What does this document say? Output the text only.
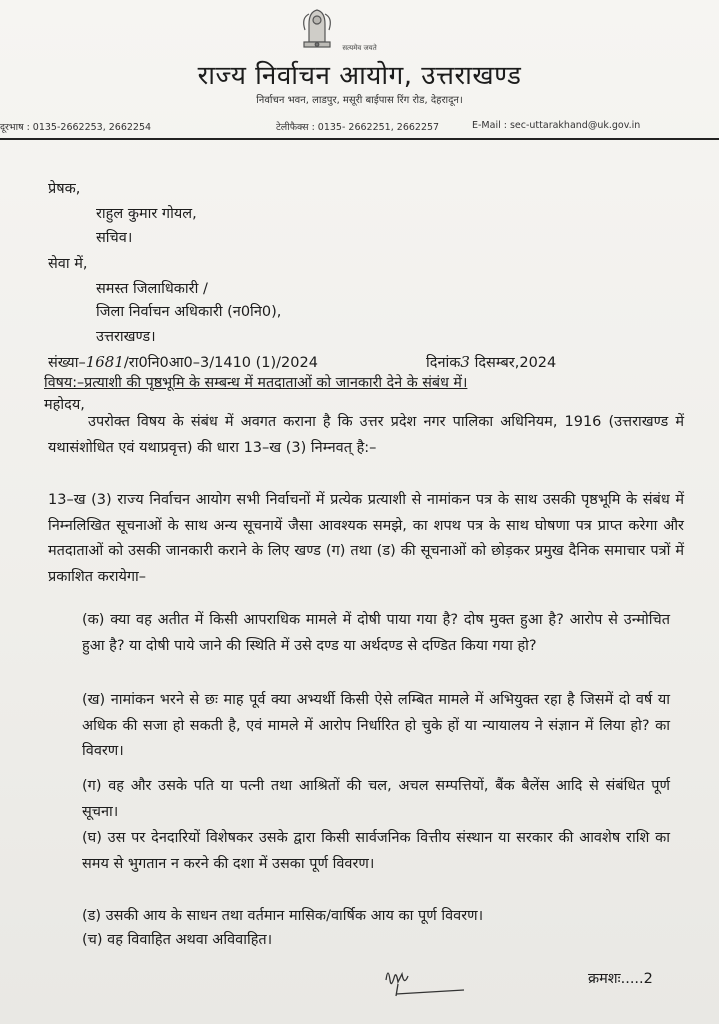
सत्यमेव जयते
राज्य निर्वाचन आयोग, उत्तराखण्ड
निर्वाचन भवन, लाडपुर, मसूरी बाईपास रिंग रोड, देहरादून।
दूरभाष : 0135-2662253, 2662254	टेलीफैक्स : 0135- 2662251, 2662257	E-Mail : sec-uttarakhand@uk.gov.in
प्रेषक,
राहुल कुमार गोयल,
सचिव।
सेवा में,
समस्त जिलाधिकारी /
जिला निर्वाचन अधिकारी (न0नि0),
उत्तराखण्ड।
संख्या–1681/रा0नि0आ0–3/1410 (1)/2024	दिनांक3 दिसम्बर,2024
विषय:–प्रत्याशी की पृष्ठभूमि के सम्बन्ध में मतदाताओं को जानकारी देने के संबंध में।
महोदय,
उपरोक्त विषय के संबंध में अवगत कराना है कि उत्तर प्रदेश नगर पालिका अधिनियम, 1916 (उत्तराखण्ड में यथासंशोधित एवं यथाप्रवृत्त) की धारा 13–ख (3) निम्नवत् है:–
13–ख (3) राज्य निर्वाचन आयोग सभी निर्वाचनों में प्रत्येक प्रत्याशी से नामांकन पत्र के साथ उसकी पृष्ठभूमि के संबंध में निम्नलिखित सूचनाओं के साथ अन्य सूचनायें जैसा आवश्यक समझे, का शपथ पत्र के साथ घोषणा पत्र प्राप्त करेगा और मतदाताओं को उसकी जानकारी कराने के लिए खण्ड (ग) तथा (ड) की सूचनाओं को छोड़कर प्रमुख दैनिक समाचार पत्रों में प्रकाशित करायेगा–
(क) क्या वह अतीत में किसी आपराधिक मामले में दोषी पाया गया है? दोष मुक्त हुआ है? आरोप से उन्मोचित हुआ है? या दोषी पाये जाने की स्थिति में उसे दण्ड या अर्थदण्ड से दण्डित किया गया हो?
(ख) नामांकन भरने से छः माह पूर्व क्या अभ्यर्थी किसी ऐसे लम्बित मामले में अभियुक्त रहा है जिसमें दो वर्ष या अधिक की सजा हो सकती है, एवं मामले में आरोप निर्धारित हो चुके हों या न्यायालय ने संज्ञान में लिया हो? का विवरण।
(ग) वह और उसके पति या पत्नी तथा आश्रितों की चल, अचल सम्पत्तियों, बैंक बैलेंस आदि से संबंधित पूर्ण सूचना।
(घ) उस पर देनदारियों विशेषकर उसके द्वारा किसी सार्वजनिक वित्तीय संस्थान या सरकार की आवशेष राशि का समय से भुगतान न करने की दशा में उसका पूर्ण विवरण।
(ड) उसकी आय के साधन तथा वर्तमान मासिक/वार्षिक आय का पूर्ण विवरण।
(च) वह विवाहित अथवा अविवाहित।
क्रमशः.....2
